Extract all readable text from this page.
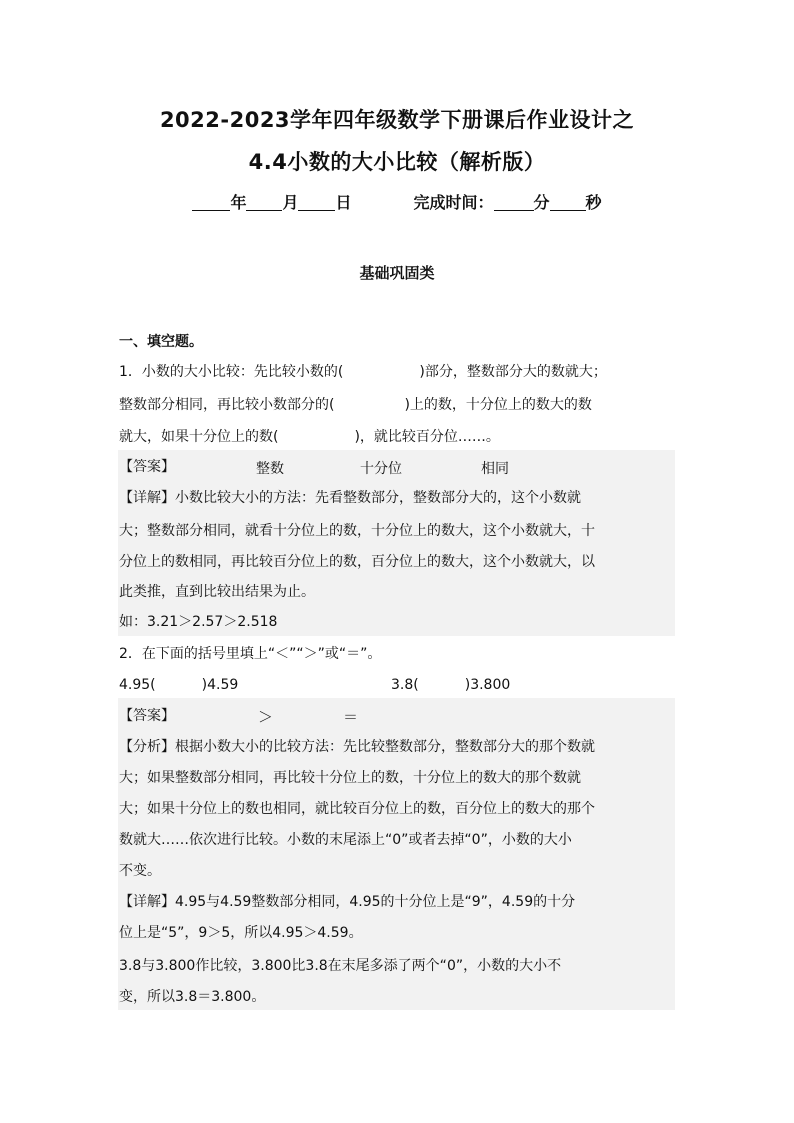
2022-2023学年四年级数学下册课后作业设计之
4.4小数的大小比较（解析版）
年 月 日	完成时间：	分 秒
基础巩固类
一、填空题。
1．小数的大小比较：先比较小数的(	)部分，整数部分大的数就大；
整数部分相同，再比较小数部分的(	)上的数，十分位上的数大的数
就大，如果十分位上的数(	)，就比较百分位……。
【答案】	整数	十分位	相同
【详解】小数比较大小的方法：先看整数部分，整数部分大的，这个小数就
大；整数部分相同，就看十分位上的数，十分位上的数大，这个小数就大，十
分位上的数相同，再比较百分位上的数，百分位上的数大，这个小数就大，以
此类推，直到比较出结果为止。
如：3.21＞2.57＞2.518
2．在下面的括号里填上“＜”“＞”或“＝”。
4.95(	)4.59	3.8(	)3.800
【答案】	＞	＝
【分析】根据小数大小的比较方法：先比较整数部分，整数部分大的那个数就
大；如果整数部分相同，再比较十分位上的数，十分位上的数大的那个数就
大；如果十分位上的数也相同，就比较百分位上的数，百分位上的数大的那个
数就大……依次进行比较。小数的末尾添上“0”或者去掉“0”，小数的大小
不变。
【详解】4.95与4.59整数部分相同，4.95的十分位上是“9”，4.59的十分
位上是“5”，9＞5，所以4.95＞4.59。
3.8与3.800作比较，3.800比3.8在末尾多添了两个“0”，小数的大小不
变，所以3.8＝3.800。
